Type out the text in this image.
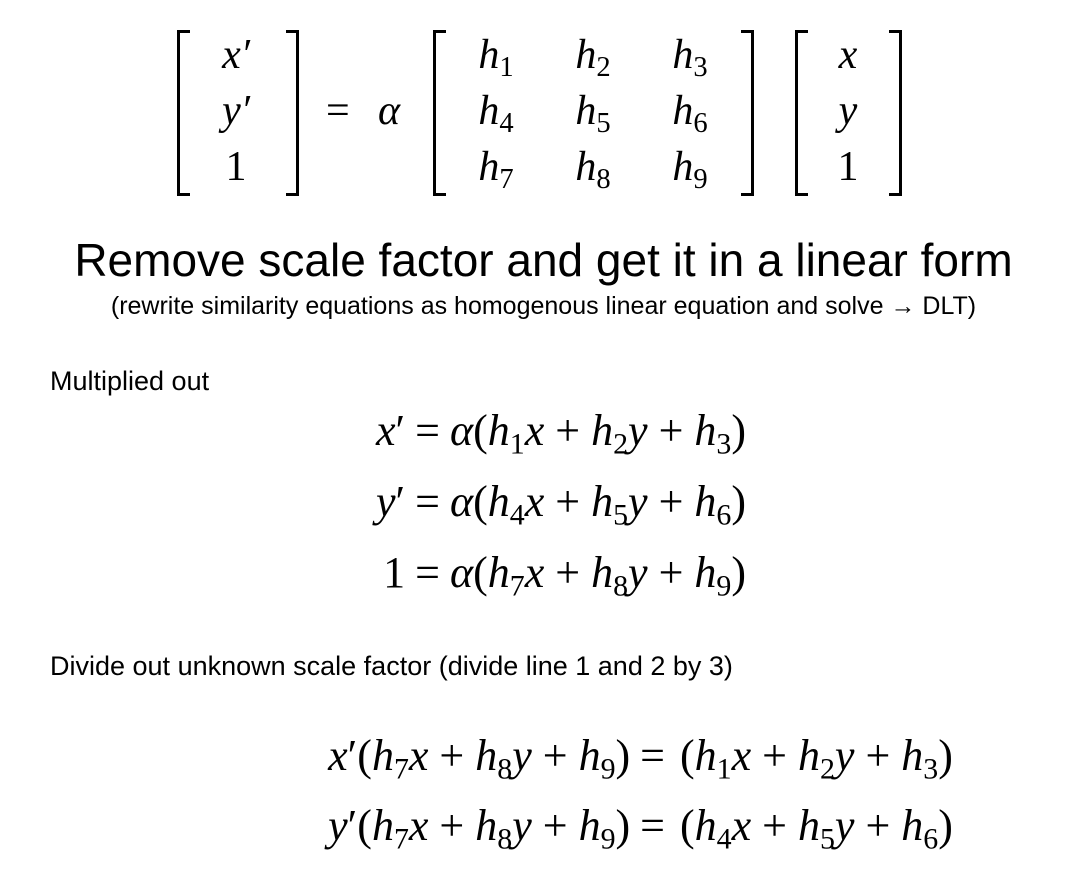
x′
y′
1
= α
$h_1$	$h_2$	$h_3$
$h_4$	$h_5$	$h_6$
$h_7$	$h_8$	$h_9$
x
y
1
Remove scale factor and get it in a linear form
(rewrite similarity equations as homogenous linear equation and solve → DLT)
Multiplied out
$x' = \alpha(h_1x + h_2y + h_3)$
$y' = \alpha(h_4x + h_5y + h_6)$
$1 = \alpha(h_7x + h_8y + h_9)$
Divide out unknown scale factor (divide line 1 and 2 by 3)
$x'(h_7x + h_8y + h_9) = (h_1x + h_2y + h_3)$
$y'(h_7x + h_8y + h_9) = (h_4x + h_5y + h_6)$
